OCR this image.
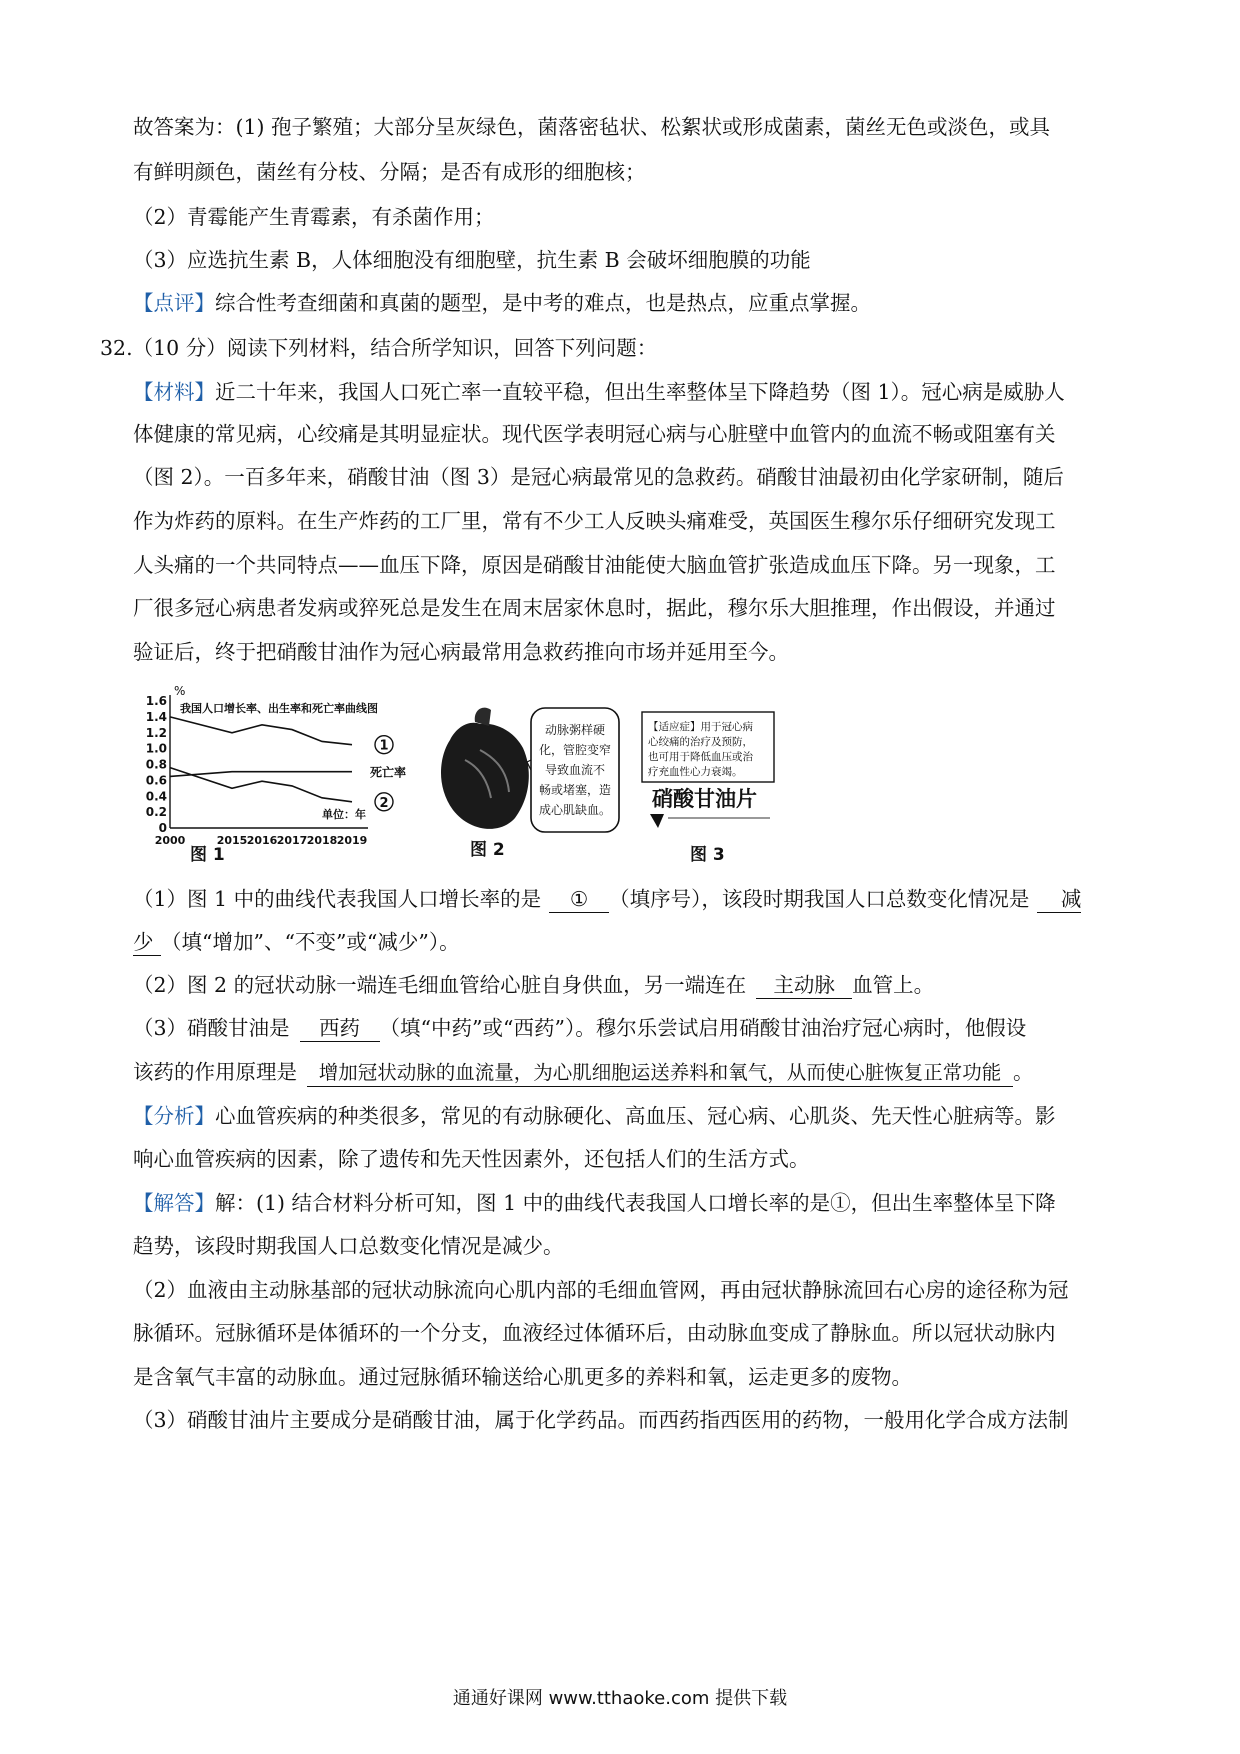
故答案为：(1) 孢子繁殖；大部分呈灰绿色，菌落密毡状、松絮状或形成菌素，菌丝无色或淡色，或具
有鲜明颜色，菌丝有分枝、分隔；是否有成形的细胞核；
（2）青霉能产生青霉素，有杀菌作用；
（3）应选抗生素 B，人体细胞没有细胞壁，抗生素 B 会破坏细胞膜的功能
【点评】综合性考查细菌和真菌的题型，是中考的难点，也是热点，应重点掌握。
32.（10 分）阅读下列材料，结合所学知识，回答下列问题：
【材料】近二十年来，我国人口死亡率一直较平稳，但出生率整体呈下降趋势（图 1）。冠心病是威胁人
体健康的常见病，心绞痛是其明显症状。现代医学表明冠心病与心脏壁中血管内的血流不畅或阻塞有关
（图 2）。一百多年来，硝酸甘油（图 3）是冠心病最常见的急救药。硝酸甘油最初由化学家研制，随后
作为炸药的原料。在生产炸药的工厂里，常有不少工人反映头痛难受，英国医生穆尔乐仔细研究发现工
人头痛的一个共同特点——血压下降，原因是硝酸甘油能使大脑血管扩张造成血压下降。另一现象，工
厂很多冠心病患者发病或猝死总是发生在周末居家休息时，据此，穆尔乐大胆推理，作出假设，并通过
验证后，终于把硝酸甘油作为冠心病最常用急救药推向市场并延用至今。
%
0
0.2
0.4
0.6
0.8
1.0
1.2
1.4
1.6
2000	2015 2016 2017 2018 2019
我国人口增长率、出生率和死亡率曲线图
单位：年
1
死亡率
2
图 1
动脉粥样硬
化，管腔变窄
导致血流不
畅或堵塞，造
成心肌缺血。
图 2
【适应症】用于冠心病
心绞痛的治疗及预防，
也可用于降低血压或治
疗充血性心力衰竭。
硝酸甘油片
图 3
（1）图 1 中的曲线代表我国人口增长率的是 ① （填序号），该段时期我国人口总数变化情况是 减
少 （填“增加”、“不变”或“减少”）。
（2）图 2 的冠状动脉一端连毛细血管给心脏自身供血，另一端连在 主动脉 血管上。
（3）硝酸甘油是 西药 （填“中药”或“西药”）。穆尔乐尝试启用硝酸甘油治疗冠心病时，他假设
该药的作用原理是 增加冠状动脉的血流量，为心肌细胞运送养料和氧气，从而使心脏恢复正常功能 。
【分析】心血管疾病的种类很多，常见的有动脉硬化、高血压、冠心病、心肌炎、先天性心脏病等。影
响心血管疾病的因素，除了遗传和先天性因素外，还包括人们的生活方式。
【解答】解：(1) 结合材料分析可知，图 1 中的曲线代表我国人口增长率的是①，但出生率整体呈下降
趋势，该段时期我国人口总数变化情况是减少。
（2）血液由主动脉基部的冠状动脉流向心肌内部的毛细血管网，再由冠状静脉流回右心房的途径称为冠
脉循环。冠脉循环是体循环的一个分支，血液经过体循环后，由动脉血变成了静脉血。所以冠状动脉内
是含氧气丰富的动脉血。通过冠脉循环输送给心肌更多的养料和氧，运走更多的废物。
（3）硝酸甘油片主要成分是硝酸甘油，属于化学药品。而西药指西医用的药物，一般用化学合成方法制
通通好课网 www.tthaoke.com 提供下载
